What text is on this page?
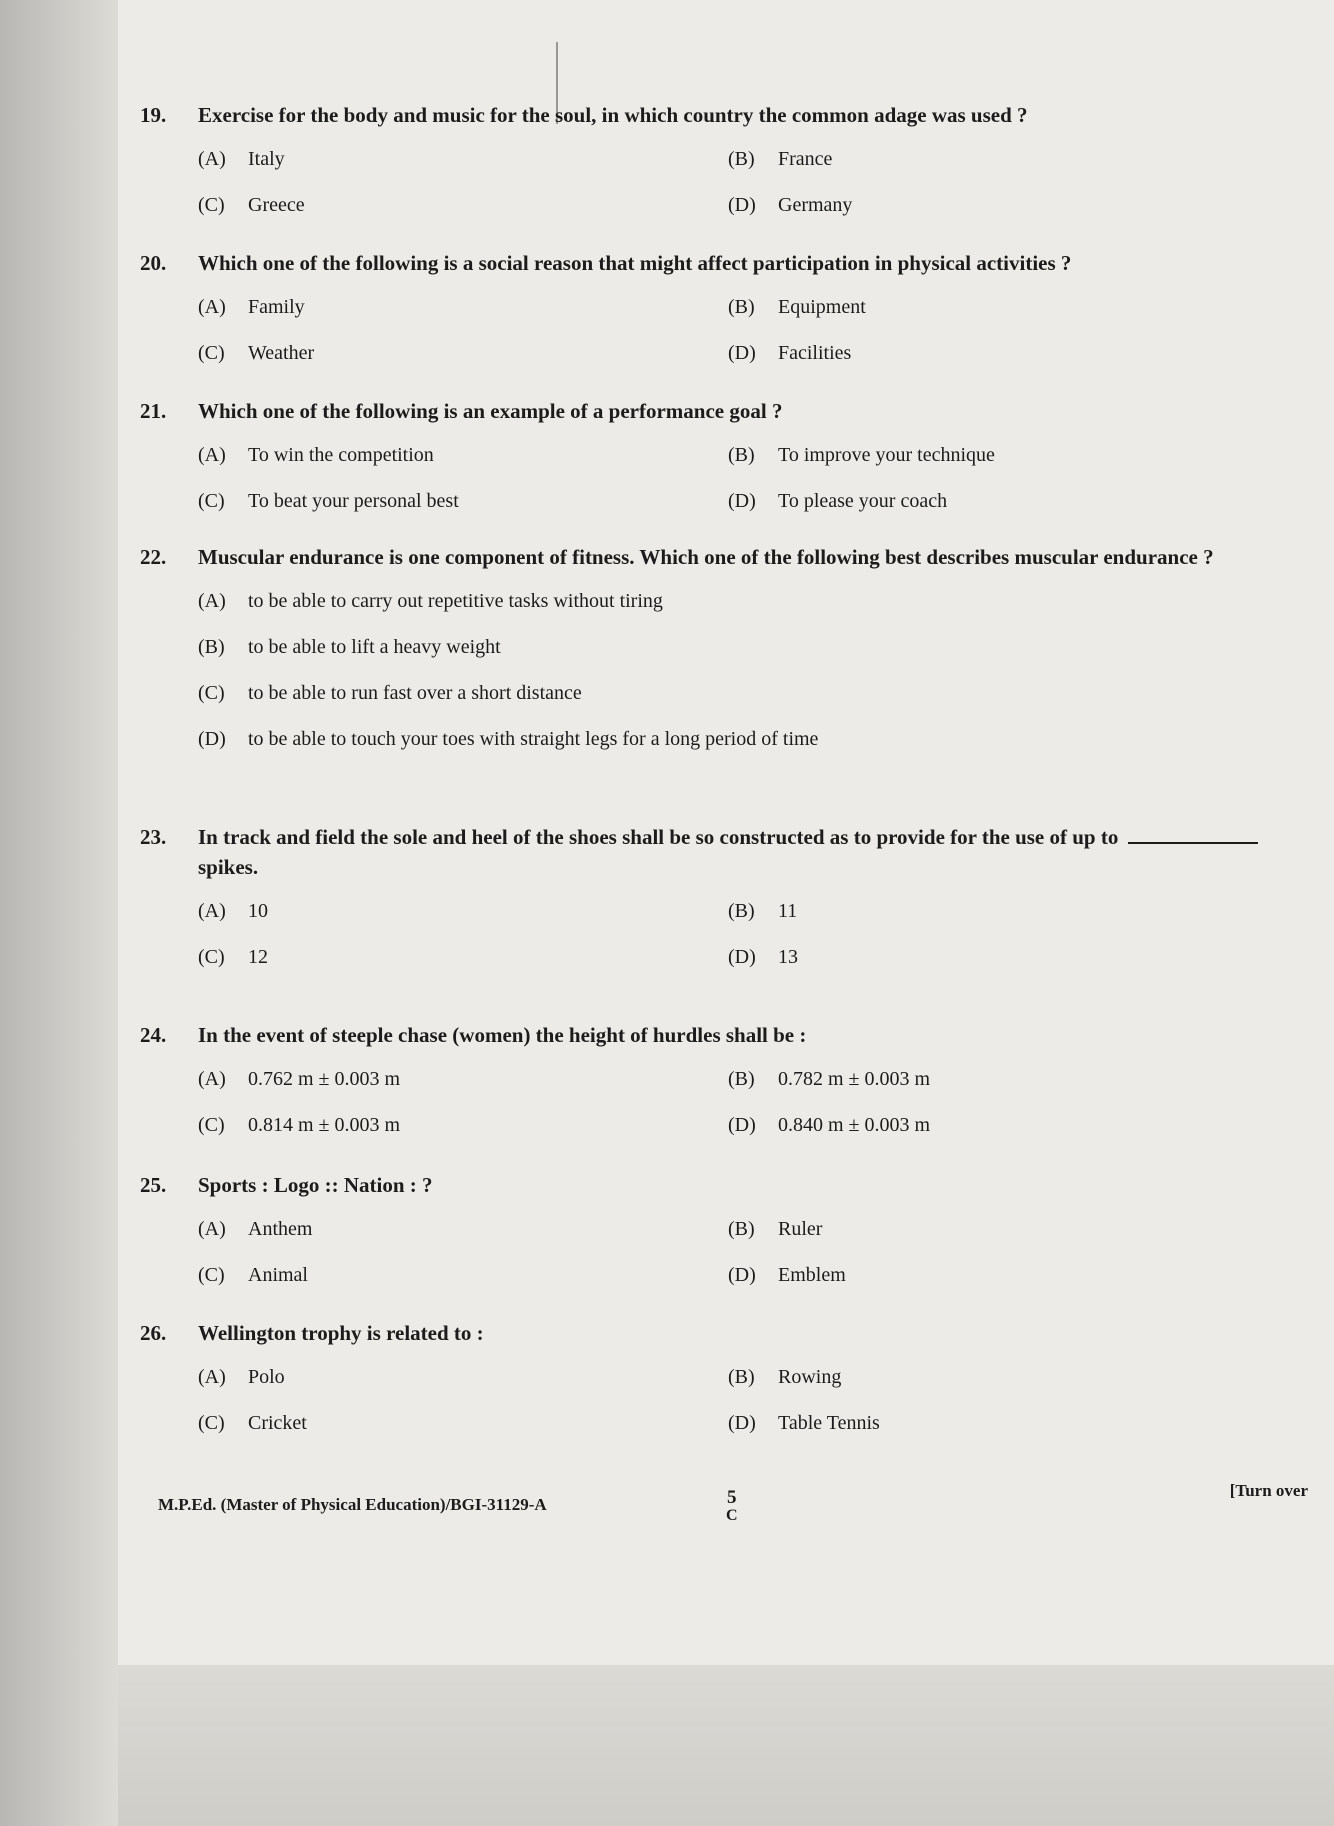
19.	Exercise for the body and music for the soul, in which country the common adage was used ?
(A)	Italy	(B)	France
(C)	Greece	(D)	Germany
20.	Which one of the following is a social reason that might affect participation in physical activities ?
(A)	Family	(B)	Equipment
(C)	Weather	(D)	Facilities
21.	Which one of the following is an example of a performance goal ?
(A)	To win the competition	(B)	To improve your technique
(C)	To beat your personal best	(D)	To please your coach
22.	Muscular endurance is one component of fitness. Which one of the following best describes muscular endurance ?
(A)	to be able to carry out repetitive tasks without tiring
(B)	to be able to lift a heavy weight
(C)	to be able to run fast over a short distance
(D)	to be able to touch your toes with straight legs for a long period of time
23.	In track and field the sole and heel of the shoes shall be so constructed as to provide for the use of up tospikes.
(A)	10	(B)	11
(C)	12	(D)	13
24.	In the event of steeple chase (women) the height of hurdles shall be :
(A)	0.762 m ± 0.003 m	(B)	0.782 m ± 0.003 m
(C)	0.814 m ± 0.003 m	(D)	0.840 m ± 0.003 m
25.	Sports : Logo :: Nation : ?
(A)	Anthem	(B)	Ruler
(C)	Animal	(D)	Emblem
26.	Wellington trophy is related to :
(A)	Polo	(B)	Rowing
(C)	Cricket	(D)	Table Tennis
M.P.Ed. (Master of Physical Education)/BGI-31129-A	5
C
[Turn over
